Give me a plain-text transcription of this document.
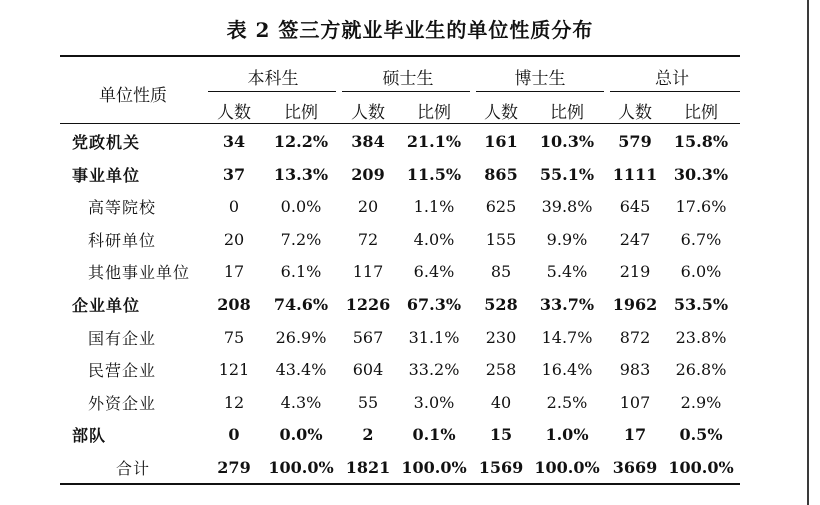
表 2 签三方就业毕业生的单位性质分布
单位性质
本科生	硕士生	博士生	总计
人数 比例 人数 比例 人数 比例 人数 比例
党政机关	34 12.2% 384 21.1% 161 10.3% 579 15.8%
事业单位	37 13.3% 209 11.5% 865 55.1% 1111 30.3%
高等院校	0	0.0% 20 1.1% 625 39.8% 645 17.6%
科研单位	20 7.2% 72 4.0% 155 9.9% 247 6.7%
其他事业单位 17 6.1% 117 6.4% 85 5.4% 219 6.0%
企业单位	208 74.6% 1226 67.3% 528 33.7% 1962 53.5%
国有企业	75 26.9% 567 31.1% 230 14.7% 872 23.8%
民营企业	121 43.4% 604 33.2% 258 16.4% 983 26.8%
外资企业	12 4.3% 55 3.0% 40 2.5% 107 2.9%
部队	0 0.0% 2 0.1% 15 1.0% 17 0.5%
合计	279 100.0% 1821 100.0% 1569 100.0% 3669 100.0%
